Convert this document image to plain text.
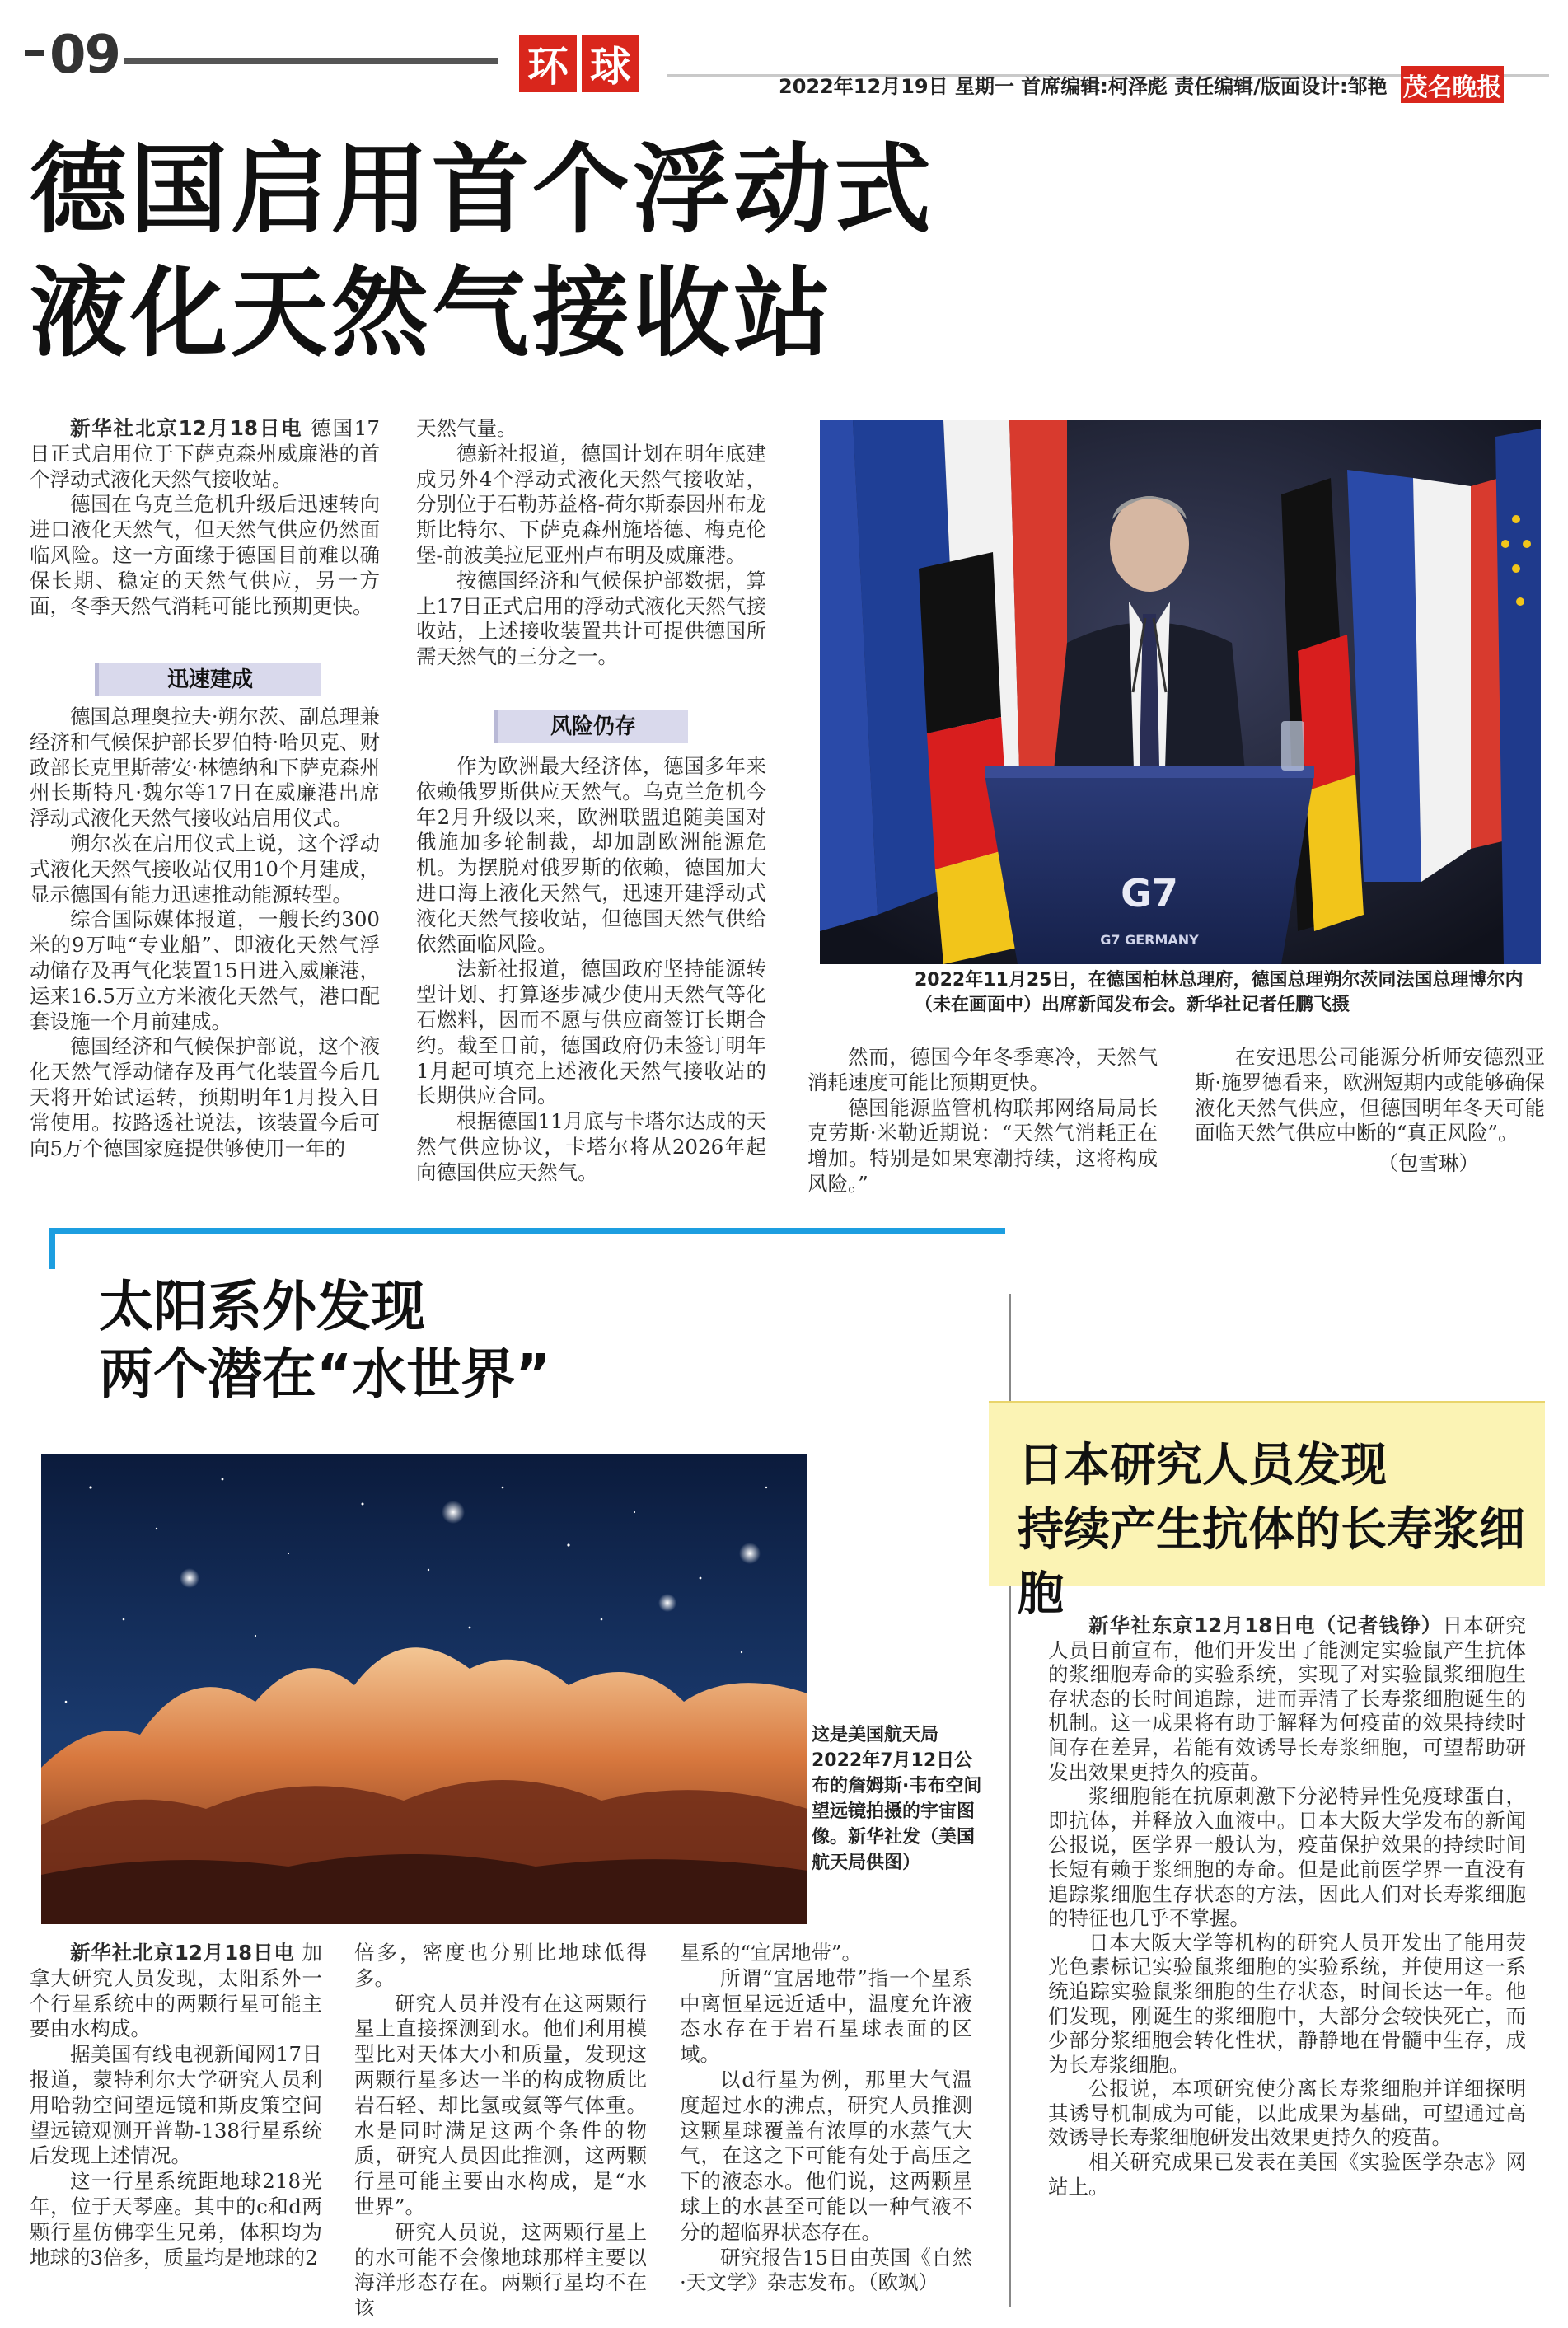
09	环 球	2022年12月19日 星期一 首席编辑:柯泽彪 责任编辑/版面设计:邹艳 茂名晚报
德国启用首个浮动式
液化天然气接收站

新华社北京12月18日电 德国17日正式启用位于下萨克森州威廉港的首个浮动式液化天然气接收站。

德国在乌克兰危机升级后迅速转向进口液化天然气，但天然气供应仍然面临风险。这一方面缘于德国目前难以确保长期、稳定的天然气供应，另一方面，冬季天然气消耗可能比预期更快。

迅速建成

德国总理奥拉夫·朔尔茨、副总理兼经济和气候保护部长罗伯特·哈贝克、财政部长克里斯蒂安·林德纳和下萨克森州州长斯特凡·魏尔等17日在威廉港出席浮动式液化天然气接收站启用仪式。

朔尔茨在启用仪式上说，这个浮动式液化天然气接收站仅用10个月建成，显示德国有能力迅速推动能源转型。

综合国际媒体报道，一艘长约300米的9万吨“专业船”、即液化天然气浮动储存及再气化装置15日进入威廉港，运来16.5万立方米液化天然气，港口配套设施一个月前建成。

德国经济和气候保护部说，这个液化天然气浮动储存及再气化装置今后几天将开始试运转，预期明年1月投入日常使用。按路透社说法，该装置今后可向5万个德国家庭提供够使用一年的

天然气量。

德新社报道，德国计划在明年底建成另外4个浮动式液化天然气接收站，分别位于石勒苏益格-荷尔斯泰因州布龙斯比特尔、下萨克森州施塔德、梅克伦堡-前波美拉尼亚州卢布明及威廉港。

按德国经济和气候保护部数据，算上17日正式启用的浮动式液化天然气接收站，上述接收装置共计可提供德国所需天然气的三分之一。

风险仍存

作为欧洲最大经济体，德国多年来依赖俄罗斯供应天然气。乌克兰危机今年2月升级以来，欧洲联盟追随美国对俄施加多轮制裁，却加剧欧洲能源危机。为摆脱对俄罗斯的依赖，德国加大进口海上液化天然气，迅速开建浮动式液化天然气接收站，但德国天然气供给依然面临风险。

法新社报道，德国政府坚持能源转型计划、打算逐步减少使用天然气等化石燃料，因而不愿与供应商签订长期合约。截至目前，德国政府仍未签订明年1月起可填充上述液化天然气接收站的长期供应合同。

根据德国11月底与卡塔尔达成的天然气供应协议，卡塔尔将从2026年起向德国供应天然气。

G7
G7 GERMANY
2022年11月25日，在德国柏林总理府，德国总理朔尔茨同法国总理博尔内（未在画面中）出席新闻发布会。新华社记者任鹏飞摄

然而，德国今年冬季寒冷，天然气消耗速度可能比预期更快。

德国能源监管机构联邦网络局局长克劳斯·米勒近期说：“天然气消耗正在增加。特别是如果寒潮持续，这将构成风险。”

在安迅思公司能源分析师安德烈亚斯·施罗德看来，欧洲短期内或能够确保液化天然气供应，但德国明年冬天可能面临天然气供应中断的“真正风险”。

（包雪琳）

太阳系外发现
两个潜在“水世界”
这是美国航天局2022年7月12日公布的詹姆斯·韦布空间望远镜拍摄的宇宙图像。新华社发（美国航天局供图）

新华社北京12月18日电 加拿大研究人员发现，太阳系外一个行星系统中的两颗行星可能主要由水构成。

据美国有线电视新闻网17日报道，蒙特利尔大学研究人员利用哈勃空间望远镜和斯皮策空间望远镜观测开普勒-138行星系统后发现上述情况。

这一行星系统距地球218光年，位于天琴座。其中的c和d两颗行星仿佛孪生兄弟，体积均为地球的3倍多，质量均是地球的2

倍多，密度也分别比地球低得多。

研究人员并没有在这两颗行星上直接探测到水。他们利用模型比对天体大小和质量，发现这两颗行星多达一半的构成物质比岩石轻、却比氢或氦等气体重。水是同时满足这两个条件的物质，研究人员因此推测，这两颗行星可能主要由水构成，是“水世界”。

研究人员说，这两颗行星上的水可能不会像地球那样主要以海洋形态存在。两颗行星均不在该

星系的“宜居地带”。

所谓“宜居地带”指一个星系中离恒星远近适中，温度允许液态水存在于岩石星球表面的区域。

以d行星为例，那里大气温度超过水的沸点，研究人员推测这颗星球覆盖有浓厚的水蒸气大气，在这之下可能有处于高压之下的液态水。他们说，这两颗星球上的水甚至可能以一种气液不分的超临界状态存在。

研究报告15日由英国《自然·天文学》杂志发布。（欧飒）

日本研究人员发现
持续产生抗体的长寿浆细胞

新华社东京12月18日电（记者钱铮）日本研究人员日前宣布，他们开发出了能测定实验鼠产生抗体的浆细胞寿命的实验系统，实现了对实验鼠浆细胞生存状态的长时间追踪，进而弄清了长寿浆细胞诞生的机制。这一成果将有助于解释为何疫苗的效果持续时间存在差异，若能有效诱导长寿浆细胞，可望帮助研发出效果更持久的疫苗。

浆细胞能在抗原刺激下分泌特异性免疫球蛋白，即抗体，并释放入血液中。日本大阪大学发布的新闻公报说，医学界一般认为，疫苗保护效果的持续时间长短有赖于浆细胞的寿命。但是此前医学界一直没有追踪浆细胞生存状态的方法，因此人们对长寿浆细胞的特征也几乎不掌握。

日本大阪大学等机构的研究人员开发出了能用荧光色素标记实验鼠浆细胞的实验系统，并使用这一系统追踪实验鼠浆细胞的生存状态，时间长达一年。他们发现，刚诞生的浆细胞中，大部分会较快死亡，而少部分浆细胞会转化性状，静静地在骨髓中生存，成为长寿浆细胞。

公报说，本项研究使分离长寿浆细胞并详细探明其诱导机制成为可能，以此成果为基础，可望通过高效诱导长寿浆细胞研发出效果更持久的疫苗。

相关研究成果已发表在美国《实验医学杂志》网站上。
